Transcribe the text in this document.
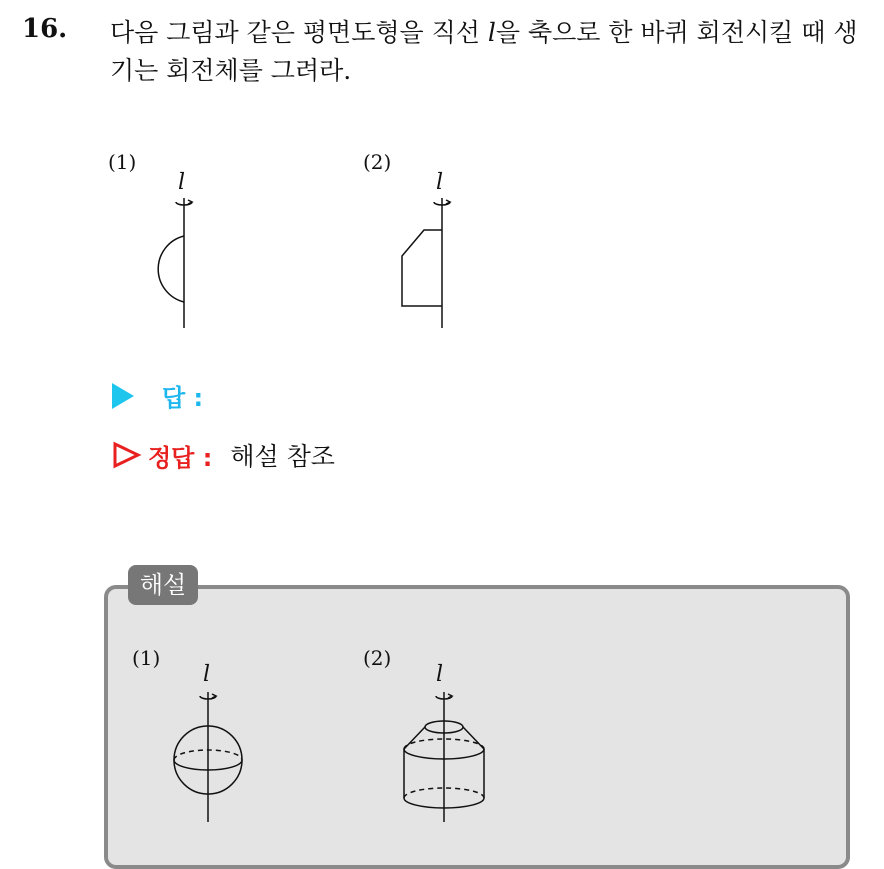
16. 다음 그림과 같은 평면도형을 직선 l을 축으로 한 바퀴 회전시킬 때 생기는 회전체를 그려라.
(1)
l
(2)
l
답 :
정답 : 해설 참조
해설
(1)
l
(2)
l
